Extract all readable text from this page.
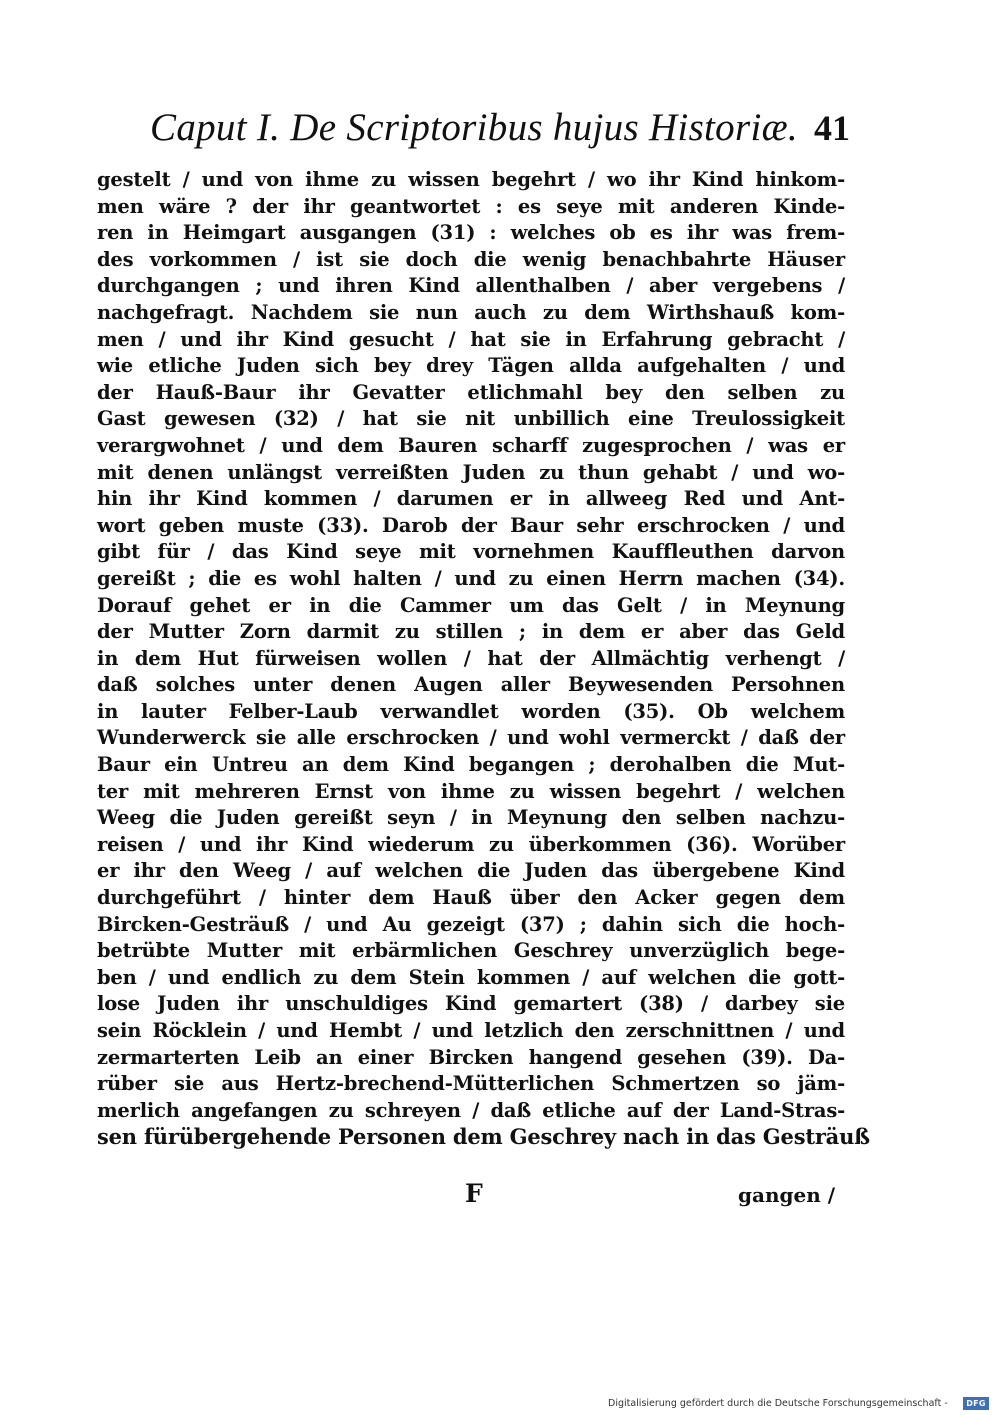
Caput I. De Scriptoribus hujus Historiæ. 41
gestelt / und von ihme zu wissen begehrt / wo ihr Kind hinkom-
men wäre ? der ihr geantwortet : es seye mit anderen Kinde-
ren in Heimgart ausgangen (31) : welches ob es ihr was frem-
des vorkommen / ist sie doch die wenig benachbahrte Häuser
durchgangen ; und ihren Kind allenthalben / aber vergebens /
nachgefragt. Nachdem sie nun auch zu dem Wirthshauß kom-
men / und ihr Kind gesucht / hat sie in Erfahrung gebracht /
wie etliche Juden sich bey drey Tägen allda aufgehalten / und
der Hauß-Baur ihr Gevatter etlichmahl bey den selben zu
Gast gewesen (32) / hat sie nit unbillich eine Treulossigkeit
verargwohnet / und dem Bauren scharff zugesprochen / was er
mit denen unlängst verreißten Juden zu thun gehabt / und wo-
hin ihr Kind kommen / darumen er in allweeg Red und Ant-
wort geben muste (33). Darob der Baur sehr erschrocken / und
gibt für / das Kind seye mit vornehmen Kauffleuthen darvon
gereißt ; die es wohl halten / und zu einen Herrn machen (34).
Dorauf gehet er in die Cammer um das Gelt / in Meynung
der Mutter Zorn darmit zu stillen ; in dem er aber das Geld
in dem Hut fürweisen wollen / hat der Allmächtig verhengt /
daß solches unter denen Augen aller Beywesenden Persohnen
in lauter Felber-Laub verwandlet worden (35). Ob welchem
Wunderwerck sie alle erschrocken / und wohl vermerckt / daß der
Baur ein Untreu an dem Kind begangen ; derohalben die Mut-
ter mit mehreren Ernst von ihme zu wissen begehrt / welchen
Weeg die Juden gereißt seyn / in Meynung den selben nachzu-
reisen / und ihr Kind wiederum zu überkommen (36). Worüber
er ihr den Weeg / auf welchen die Juden das übergebene Kind
durchgeführt / hinter dem Hauß über den Acker gegen dem
Bircken-Gesträuß / und Au gezeigt (37) ; dahin sich die hoch-
betrübte Mutter mit erbärmlichen Geschrey unverzüglich bege-
ben / und endlich zu dem Stein kommen / auf welchen die gott-
lose Juden ihr unschuldiges Kind gemartert (38) / darbey sie
sein Röcklein / und Hembt / und letzlich den zerschnittnen / und
zermarterten Leib an einer Bircken hangend gesehen (39). Da-
rüber sie aus Hertz-brechend-Mütterlichen Schmertzen so jäm-
merlich angefangen zu schreyen / daß etliche auf der Land-Stras-
sen fürübergehende Personen dem Geschrey nach in das Gesträuß
F	gangen /
Digitalisierung gefördert durch die Deutsche Forschungsgemeinschaft -	DFG
